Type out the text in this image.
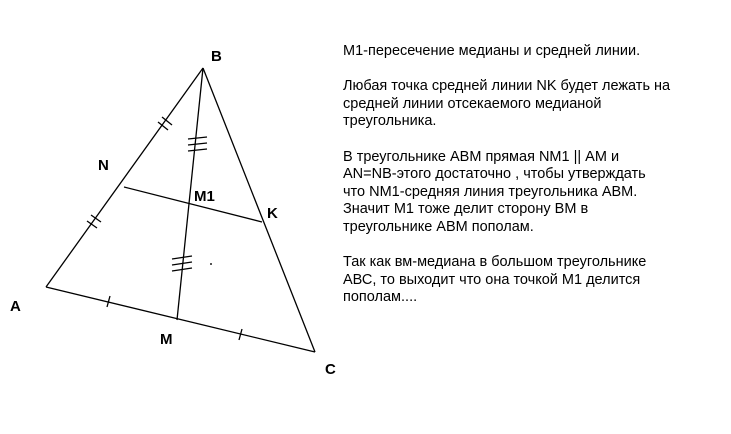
A
B
C
N
K
M
M1

M1-пересечение медианы и средней линии.

Любая точка средней линии NK будет лежать на
средней линии отсекаемого медианой
треугольника.

В треугольнике АВМ прямая NM1 || АМ и
AN=NB-этого достаточно , чтобы утверждать
что NM1-средняя линия треугольника АВМ.
Значит М1 тоже делит сторону ВМ в
треугольнике АВМ пополам.

Так как вм-медиана в большом треугольнике
АВС, то выходит что она точкой М1 делится
пополам....
